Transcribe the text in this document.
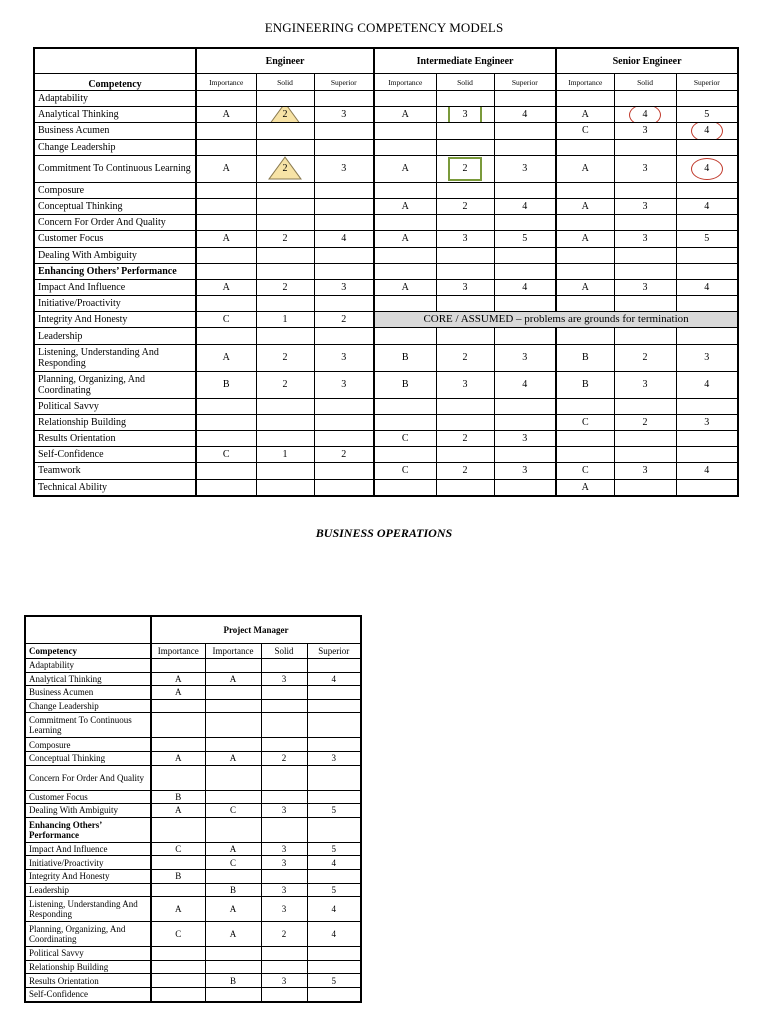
ENGINEERING COMPETENCY MODELS
	Engineer			Intermediate Engineer			Senior Engineer		
Competency	Importance	Solid	Superior	Importance	Solid	Superior	Importance	Solid	Superior
Adaptability									
Analytical Thinking	A	2	3	A	3	4	A	4	5
Business Acumen							C	3	4

Change Leadership									
Commitment To Continuous Learning	A	2	3	A	2	3	A	3	4

Composure									
Conceptual Thinking				A	2	4	A	3	4
Concern For Order And Quality									
Customer Focus	A	2	4	A	3	5	A	3	5
Dealing With Ambiguity									
Enhancing Others’ Performance									
Impact And Influence	A	2	3	A	3	4	A	3	4
Initiative/Proactivity									
Integrity And Honesty	C	1	2	CORE / ASSUMED – problems are grounds for termination					
Leadership									
Listening, Understanding And Responding	A	2	3	B	2	3	B	2	3
Planning, Organizing, And Coordinating	B	2	3	B	3	4	B	3	4
Political Savvy									
Relationship Building							C	2	3
Results Orientation				C	2	3			
Self-Confidence	C	1	2						
Teamwork				C	2	3	C	3	4
Technical Ability							A		
BUSINESS OPERATIONS
	Project Manager			
Competency	Importance	Importance	Solid	Superior
Adaptability				
Analytical Thinking	A	A	3	4
Business Acumen	A			
Change Leadership				
Commitment To Continuous Learning				
Composure				
Conceptual Thinking	A	A	2	3
Concern For Order And Quality				
Customer Focus	B			
Dealing With Ambiguity	A	C	3	5
Enhancing Others’ Performance				
Impact And Influence	C	A	3	5
Initiative/Proactivity		C	3	4
Integrity And Honesty	B			
Leadership		B	3	5
Listening, Understanding And Responding	A	A	3	4
Planning, Organizing, And Coordinating	C	A	2	4
Political Savvy				
Relationship Building				
Results Orientation		B	3	5
Self-Confidence				
